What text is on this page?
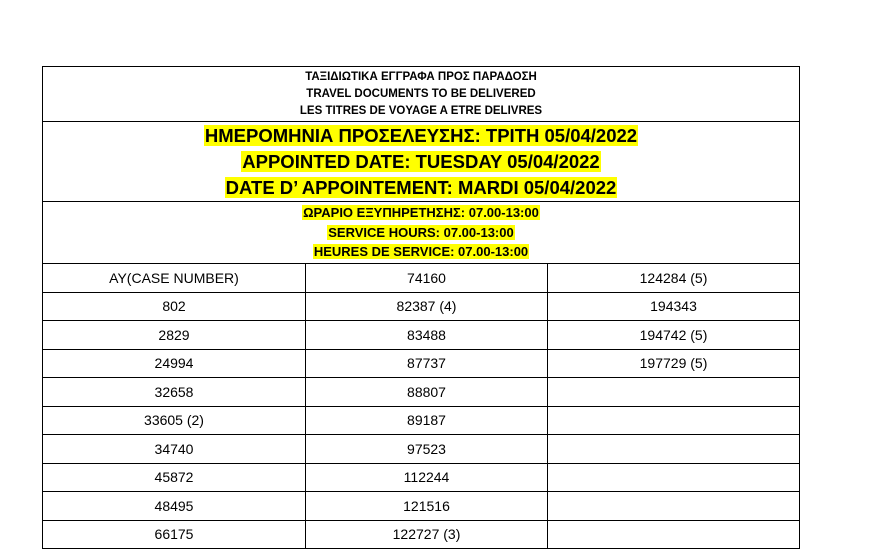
ΤΑΞΙΔΙΩΤΙΚΑ ΕΓΓΡΑΦΑ ΠΡΟΣ ΠΑΡΑΔΟΣΗ
TRAVEL DOCUMENTS TO BE DELIVERED
LES TITRES DE VOYAGE A ETRE DELIVRES		

ΗΜΕΡΟΜΗΝΙΑ ΠΡΟΣΕΛΕΥΣΗΣ: ΤΡΙΤΗ 05/04/2022
APPOINTED DATE: TUESDAY 05/04/2022
DATE D’ APPOINTEMENT: MARDI 05/04/2022		

ΩΡΑΡΙΟ ΕΞΥΠΗΡΕΤΗΣΗΣ: 07.00-13:00
SERVICE HOURS: 07.00-13:00
HEURES DE SERVICE: 07.00-13:00		

AY(CASE NUMBER)	74160	124284 (5)
802	82387 (4)	194343
2829	83488	194742 (5)
24994	87737	197729 (5)
32658	88807	
33605 (2)	89187	
34740	97523	
45872	112244	
48495	121516	
66175	122727 (3)	
